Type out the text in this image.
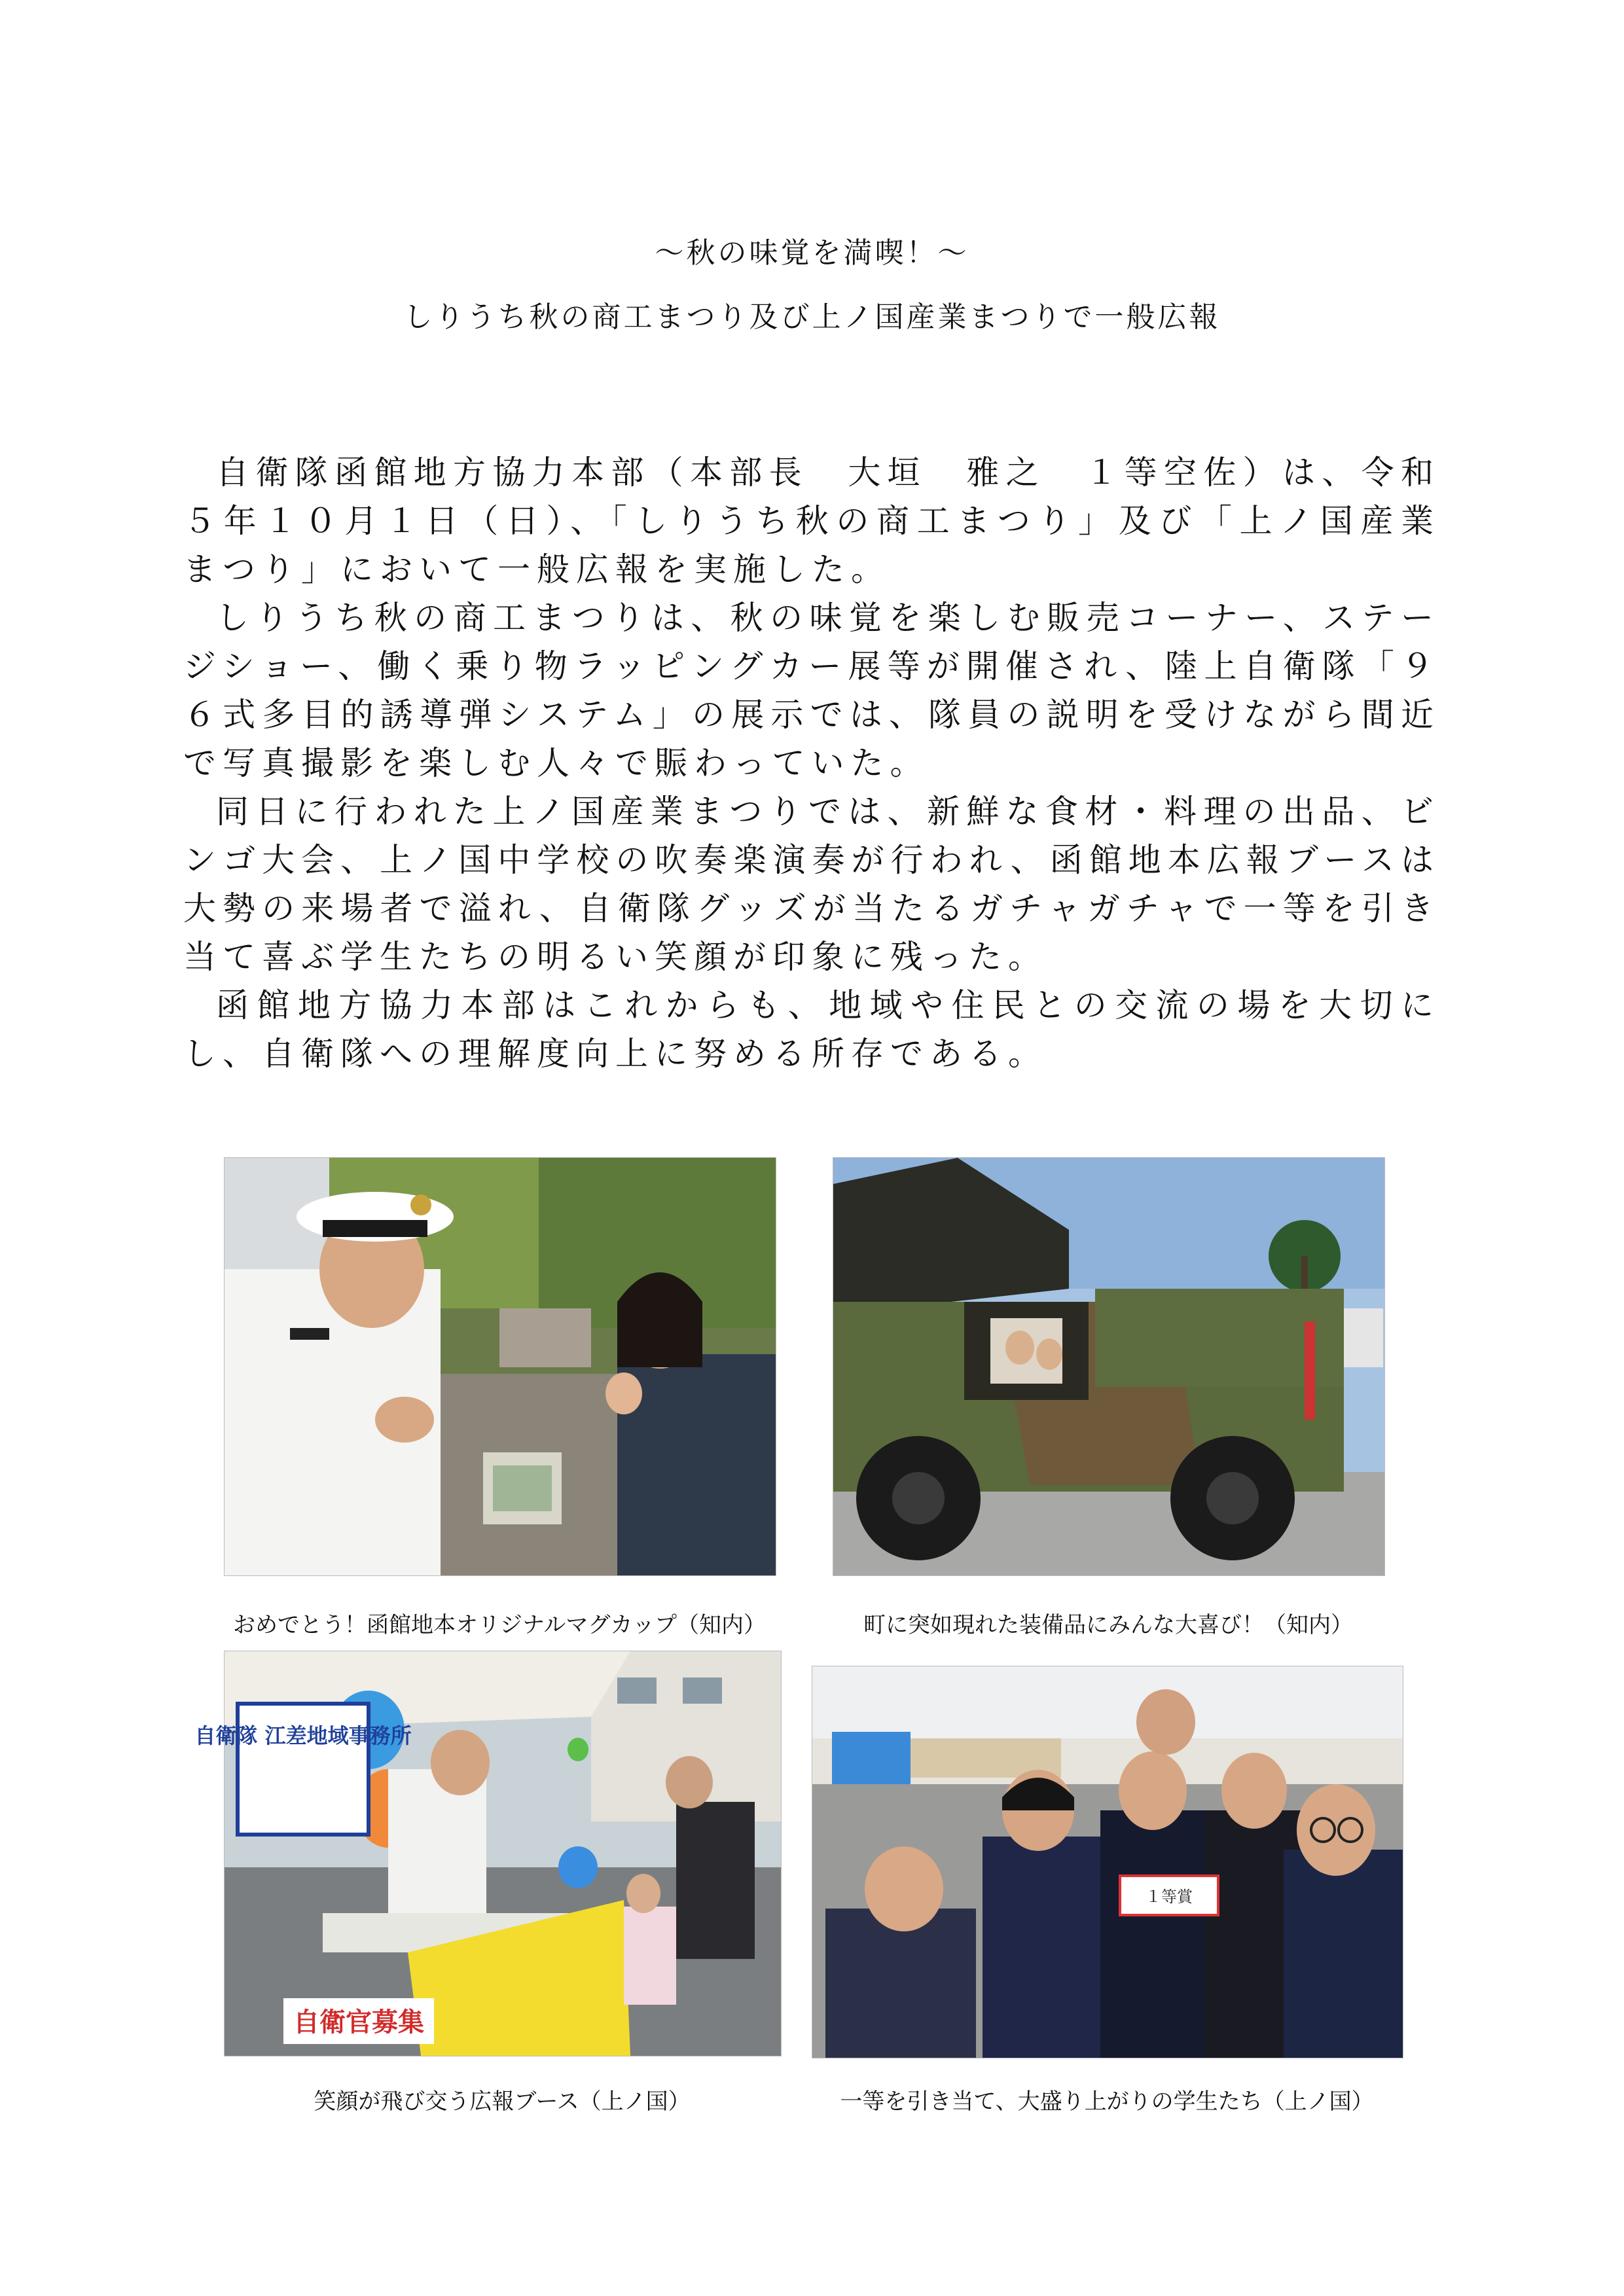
～秋の味覚を満喫！～
しりうち秋の商工まつり及び上ノ国産業まつりで一般広報

自衛隊函館地方協力本部（本部長　大垣　雅之　１等空佐）は、令和５年１０月１日（日）、「しりうち秋の商工まつり」及び「上ノ国産業まつり」において一般広報を実施した。

しりうち秋の商工まつりは、秋の味覚を楽しむ販売コーナー、ステージショー、働く乗り物ラッピングカー展等が開催され、陸上自衛隊「９６式多目的誘導弾システム」の展示では、隊員の説明を受けながら間近で写真撮影を楽しむ人々で賑わっていた。

同日に行われた上ノ国産業まつりでは、新鮮な食材・料理の出品、ビンゴ大会、上ノ国中学校の吹奏楽演奏が行われ、函館地本広報ブースは大勢の来場者で溢れ、自衛隊グッズが当たるガチャガチャで一等を引き当て喜ぶ学生たちの明るい笑顔が印象に残った。

函館地方協力本部はこれからも、地域や住民との交流の場を大切にし、自衛隊への理解度向上に努める所存である。

おめでとう！函館地本オリジナルマグカップ（知内）	町に突如現れた装備品にみんな大喜び！（知内）
自衛隊 江差地域事務所
自衛官募集
笑顔が飛び交う広報ブース（上ノ国）
１等賞
一等を引き当て、大盛り上がりの学生たち（上ノ国）
